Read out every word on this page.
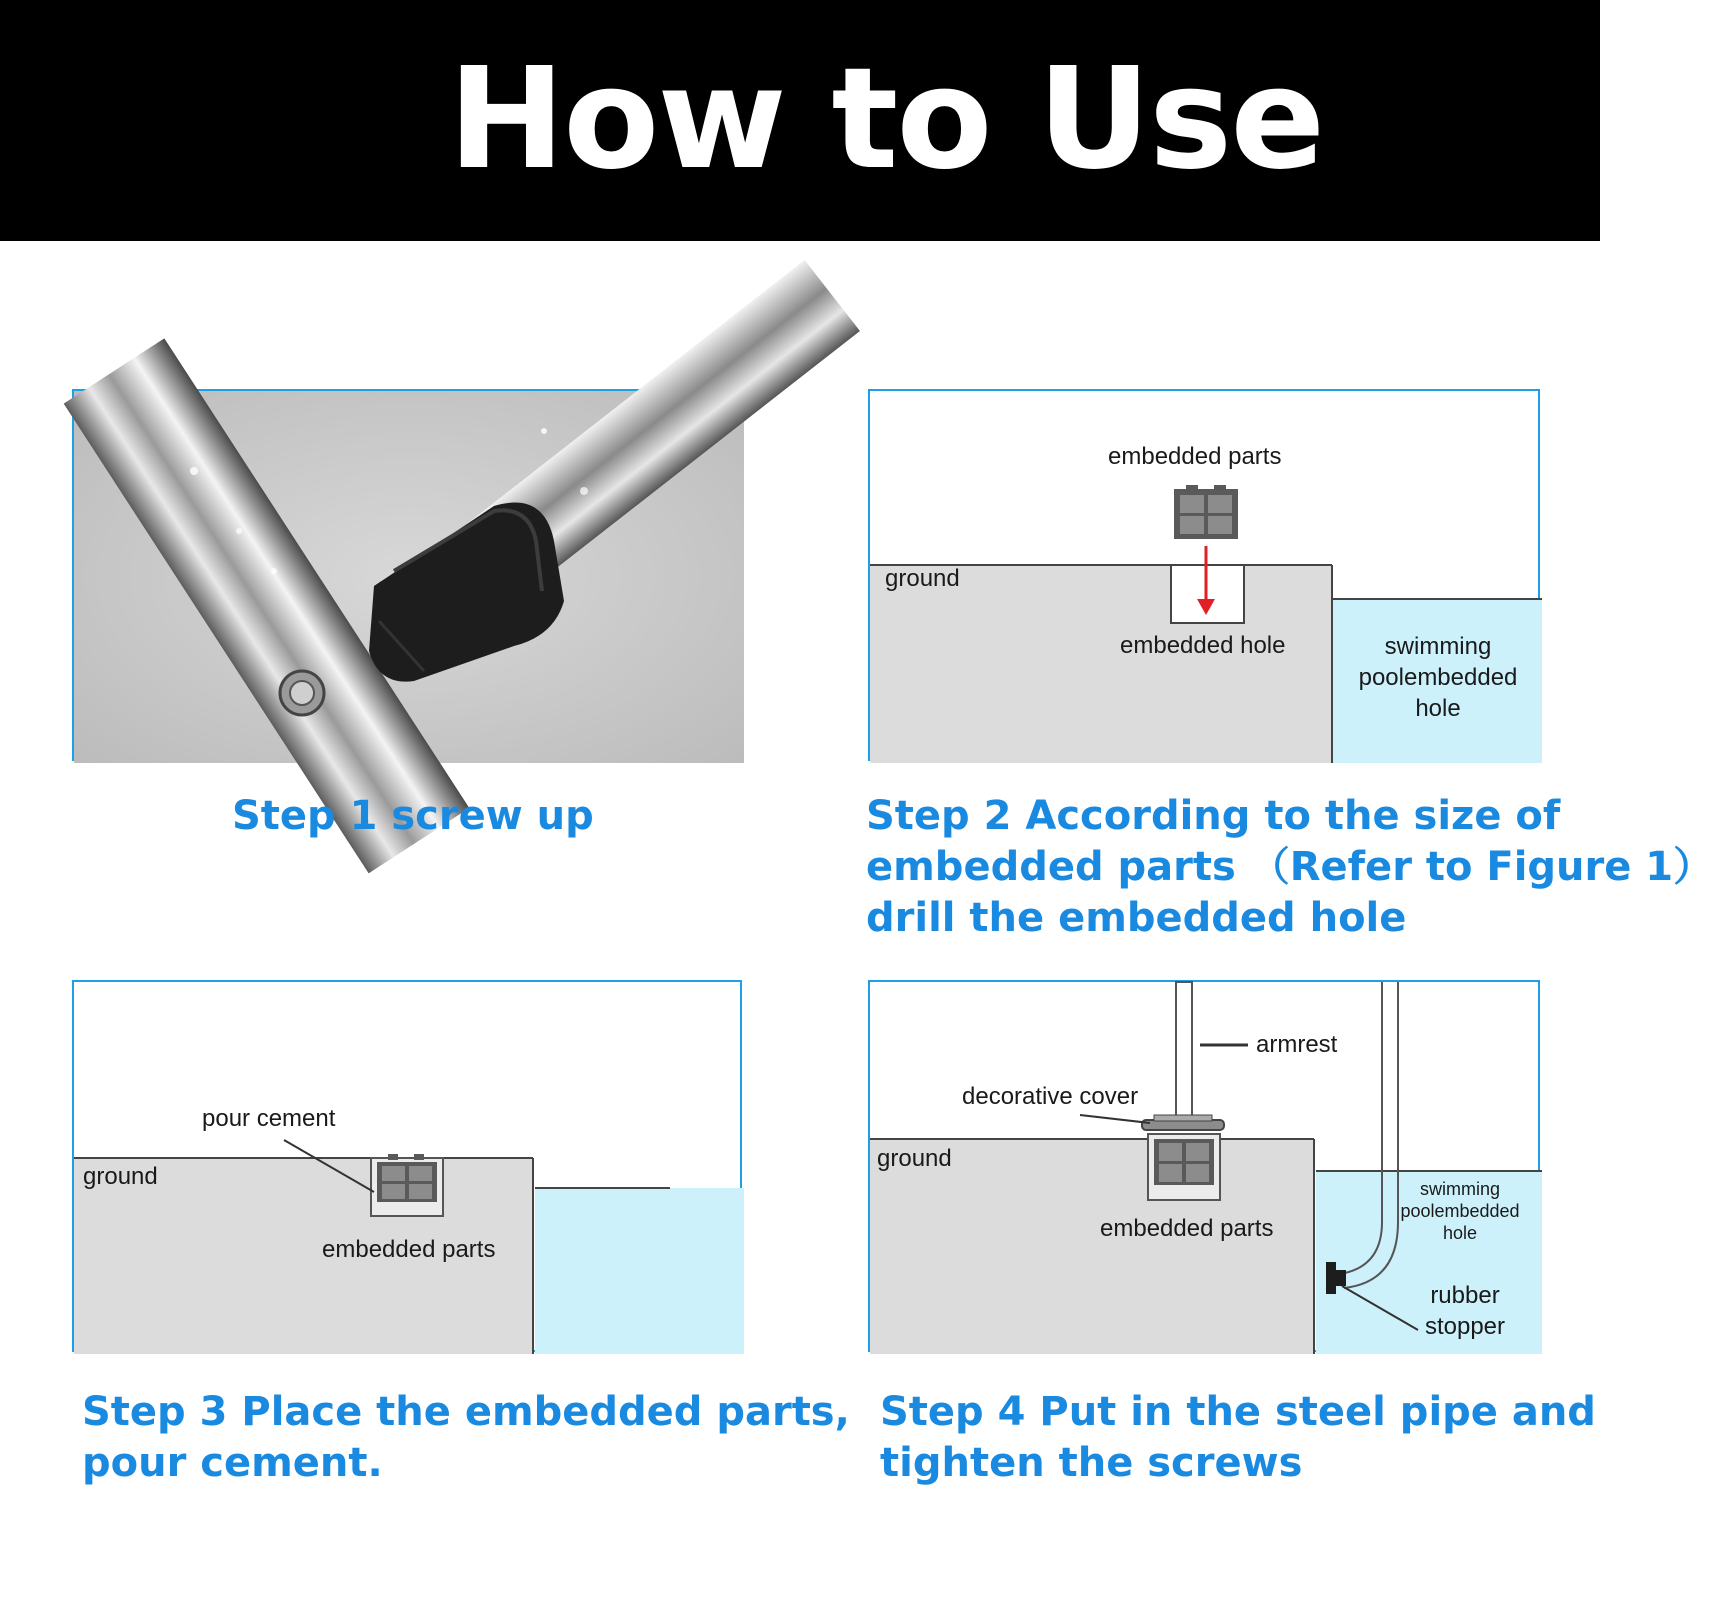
How to Use
embedded parts
ground
embedded hole	swimming poolembedded hole
pour cement
ground
embedded parts
armrest
decorative cover
ground
embedded parts
swimming poolembedded hole
rubber stopper
Step 1 screw up	Step 2 According to the size of
embedded parts （Refer to Figure 1）
drill the embedded hole
Step 3 Place the embedded parts,
pour cement.
Step 4 Put in the steel pipe and
tighten the screws
